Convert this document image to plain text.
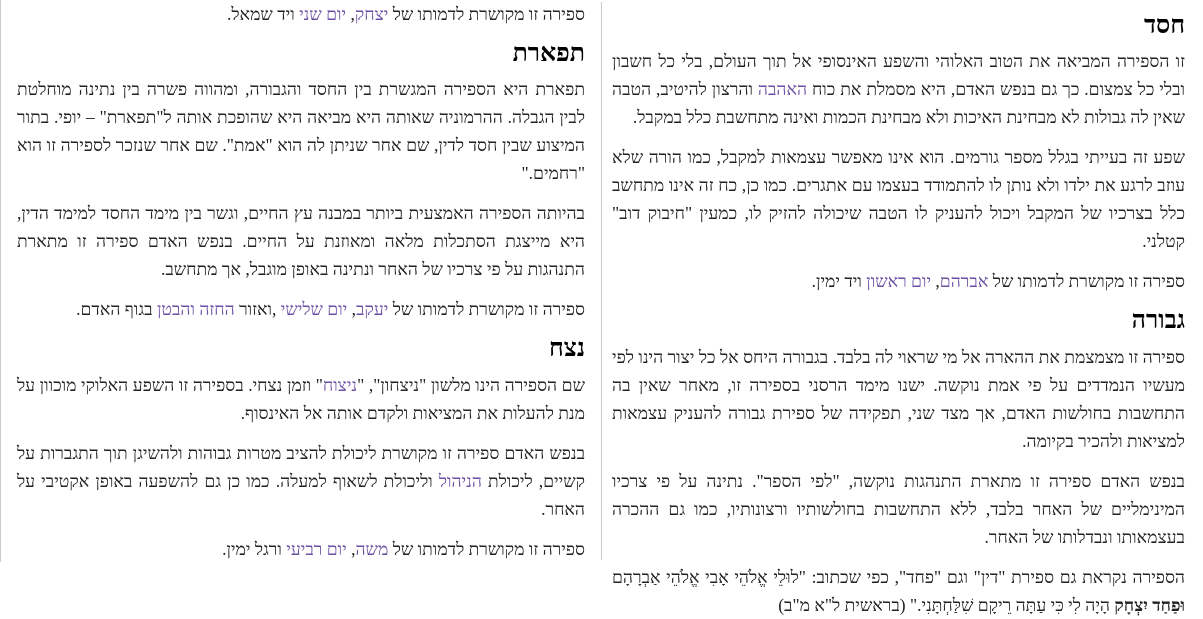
חסד

זו הספירה המביאה את הטוב האלוהי והשפע האינסופי אל תוך העולם, בלי כל חשבון ובלי כל צמצום. כך גם בנפש האדם, היא מסמלת את כוח האהבה והרצון להיטיב, הטבה שאין לה גבולות לא מבחינת האיכות ולא מבחינת הכמות ואינה מתחשבת כלל במקבל.

שפע זה בעייתי בגלל מספר גורמים. הוא אינו מאפשר עצמאות למקבל, כמו הורה שלא עוזב לרגע את ילדו ולא נותן לו להתמודד בעצמו עם אתגרים. כמו כן, כח זה אינו מתחשב כלל בצרכיו של המקבל ויכול להעניק לו הטבה שיכולה להזיק לו, כמעין "חיבוק דוב" קטלני.

ספירה זו מקושרת לדמותו של אברהם, יום ראשון ויד ימין.

גבורה

ספירה זו מצמצמת את ההארה אל מי שראוי לה בלבד. בגבורה היחס אל כל יצור הינו לפי מעשיו הנמדדים על פי אמת נוקשה. ישנו מימד הרסני בספירה זו, מאחר שאין בה התחשבות בחולשות האדם, אך מצד שני, תפקידה של ספירת גבורה להעניק עצמאות למציאות ולהכיר בקיומה.

בנפש האדם ספירה זו מתארת התנהגות נוקשה, "לפי הספר". נתינה על פי צרכיו המינימליים של האחר בלבד, ללא התחשבות בחולשותיו ורצונותיו, כמו גם ההכרה בעצמאותו ונבדלותו של האחר.

הספירה נקראת גם ספירת "דין" וגם "פחד", כפי שכתוב: "לוּלֵי אֱלֹהֵי אָבִי אֱלֹהֵי אַבְרָהָם וּפַחַד יִצְחָק הָיָה לִי כִּי עַתָּה רֵיקָם שִׁלַּחְתָּנִי." (בראשית ל"א מ"ב)

ספירה זו מקושרת לדמותו של יצחק, יום שני ויד שמאל.

תפארת

תפארת היא הספירה המגשרת בין החסד והגבורה, ומהווה פשרה בין נתינה מוחלטת לבין הגבלה. ההרמוניה שאותה היא מביאה היא שהופכת אותה ל"תפארת" – יופי. בתור המיצוע שבין חסד לדין, שם אחר שניתן לה הוא "אמת". שם אחר שנזכר לספירה זו הוא "רחמים."

בהיותה הספירה האמצעית ביותר במבנה עץ החיים, וגשר בין מימד החסד למימד הדין, היא מייצגת הסתכלות מלאה ומאוזנת על החיים. בנפש האדם ספירה זו מתארת התנהגות על פי צרכיו של האחר ונתינה באופן מוגבל, אך מתחשב.

ספירה זו מקושרת לדמותו של יעקב, יום שלישי ,ואזור החזה והבטן בגוף האדם.

נצח

שם הספירה הינו מלשון "ניצחון", "ניצוח" וזמן נצחי. בספירה זו השפע האלוקי מוכוון על מנת להעלות את המציאות ולקדם אותה אל האינסוף.

בנפש האדם ספירה זו מקושרת ליכולת להציב מטרות גבוהות ולהשיגן תוך התגברות על קשיים, ליכולת הניהול וליכולת לשאוף למעלה. כמו כן גם להשפעה באופן אקטיבי על האחר.

ספירה זו מקושרת לדמותו של משה, יום רביעי ורגל ימין.
